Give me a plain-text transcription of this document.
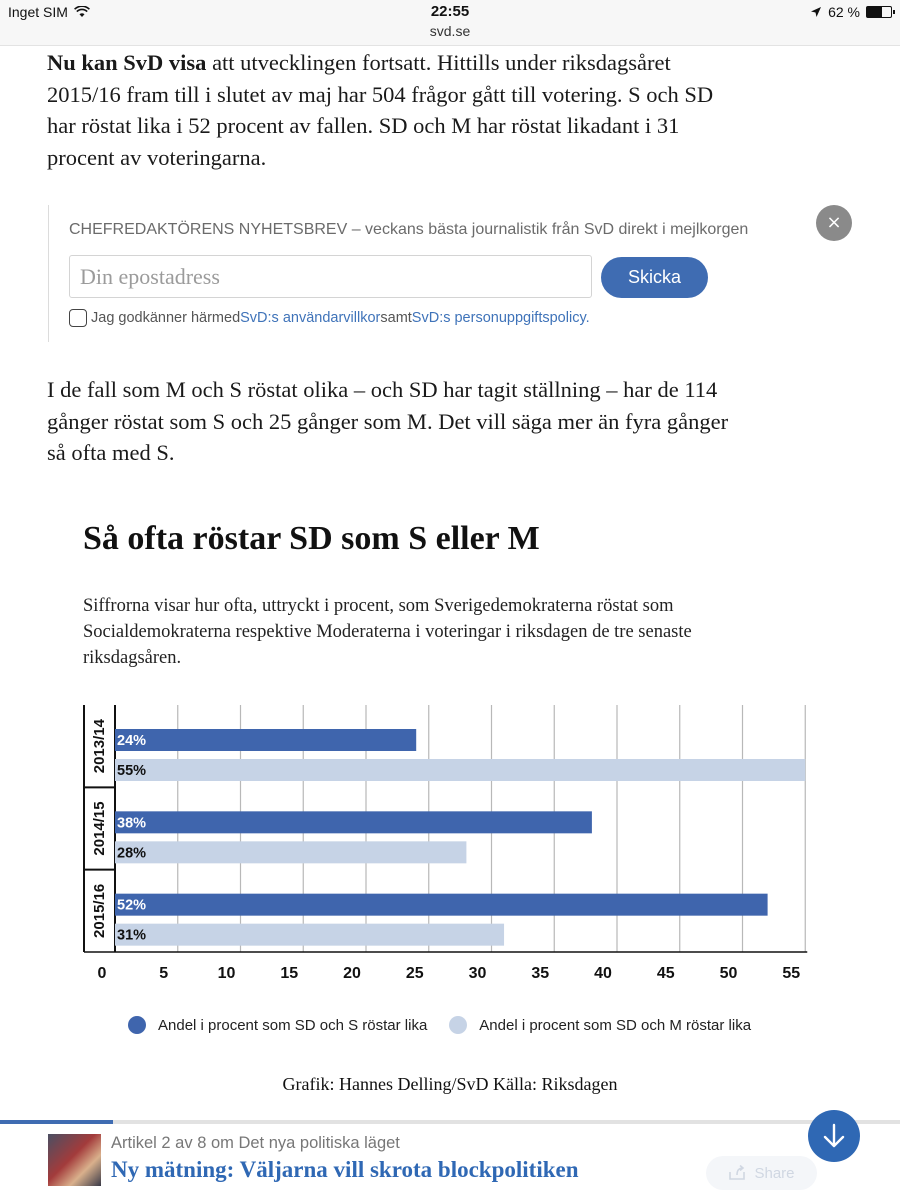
Inget SIM	22:55
svd.se
62 %

Nu kan SvD visa att utvecklingen fortsatt. Hittills under riksdagsåret 2015/16 fram till i slutet av maj har 504 frågor gått till votering. S och SD har röstat lika i 52 procent av fallen. SD och M har röstat likadant i 31 procent av voteringarna.

CHEFREDAKTÖRENS NYHETSBREV – veckans bästa journalistik från SvD direkt i mejlkorgen
Din epostadress
Skicka
Jag godkänner härmed SvD:s användarvillkor samt SvD:s personuppgiftspolicy.
×

I de fall som M och S röstat olika – och SD har tagit ställning – har de 114 gånger röstat som S och 25 gånger som M. Det vill säga mer än fyra gånger så ofta med S.

Så ofta röstar SD som S eller M

Siffrorna visar hur ofta, uttryckt i procent, som Sverigedemokraterna röstat som Socialdemokraterna respektive Moderaterna i voteringar i riksdagen de tre senaste riksdagsåren.

2013/14 24%
55%
2014/15 38%
28%
2015/16 52%
31%
0	5	10	15	20	25	30	35	40	45	50	55
Andel i procent som SD och S röstar lika	Andel i procent som SD och M röstar lika
Grafik: Hannes Delling/SvD Källa: Riksdagen
Artikel 2 av 8 om Det nya politiska läget
Ny mätning: Väljarna vill skrota blockpolitiken	Share
